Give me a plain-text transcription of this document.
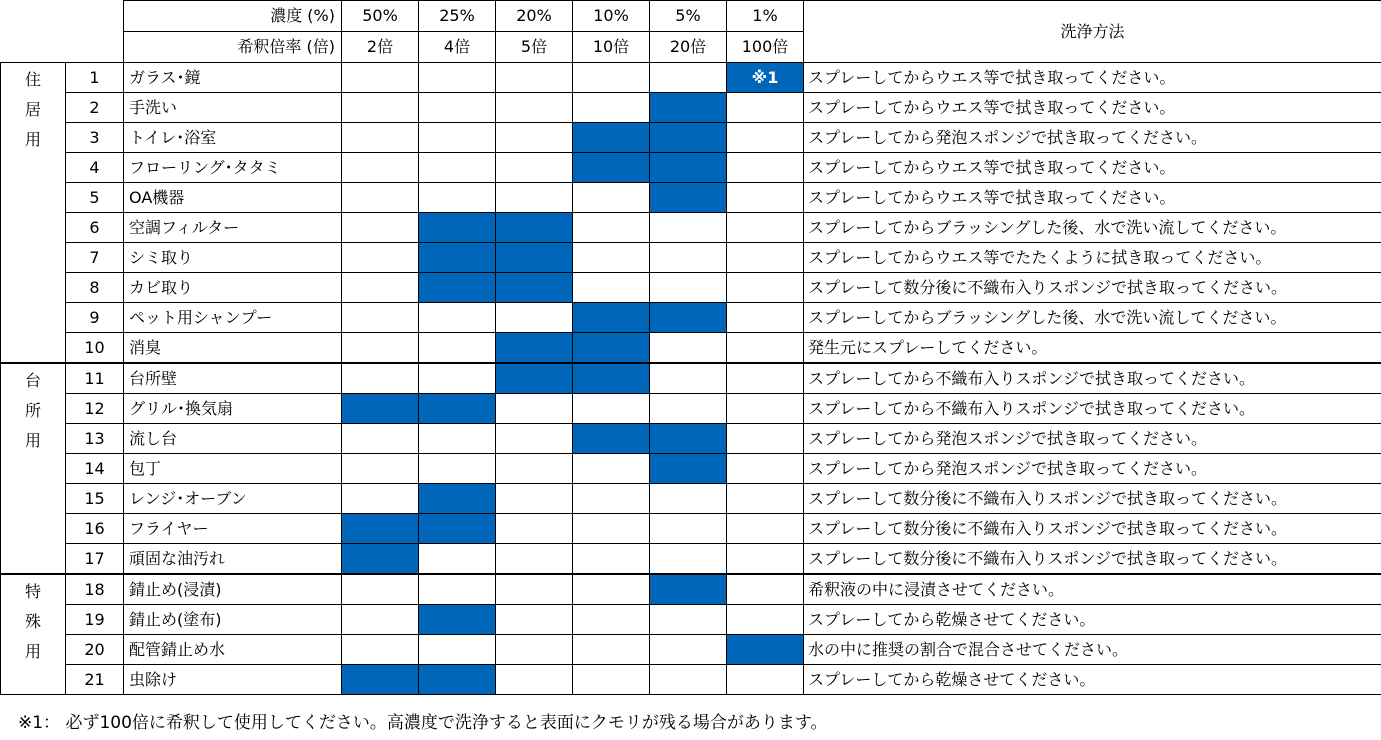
		濃度 (%)	50%	25%	20%	10%	5%	1%	洗浄方法
		希釈倍率 (倍)	2倍	4倍	5倍	10倍	20倍	100倍	

住
居
用	1	ガラス･鏡						※1	スプレーしてからウエス等で拭き取ってください。
	2	手洗い							スプレーしてからウエス等で拭き取ってください。
	3	トイレ･浴室							スプレーしてから発泡スポンジで拭き取ってください。
	4	フローリング･タタミ							スプレーしてからウエス等で拭き取ってください。
	5	OA機器							スプレーしてからウエス等で拭き取ってください。
	6	空調フィルター							スプレーしてからブラッシングした後、水で洗い流してください。
	7	シミ取り							スプレーしてからウエス等でたたくように拭き取ってください。
	8	カビ取り							スプレーして数分後に不織布入りスポンジで拭き取ってください。
	9	ペット用シャンプー							スプレーしてからブラッシングした後、水で洗い流してください。
	10	消臭							発生元にスプレーしてください。

台
所
用	11	台所壁							スプレーしてから不織布入りスポンジで拭き取ってください。
	12	グリル･換気扇							スプレーしてから不織布入りスポンジで拭き取ってください。
	13	流し台							スプレーしてから発泡スポンジで拭き取ってください。
	14	包丁							スプレーしてから発泡スポンジで拭き取ってください。
	15	レンジ･オーブン							スプレーして数分後に不織布入りスポンジで拭き取ってください。
	16	フライヤー							スプレーして数分後に不織布入りスポンジで拭き取ってください。
	17	頑固な油汚れ							スプレーして数分後に不織布入りスポンジで拭き取ってください。

特
殊
用	18	錆止め(浸漬)							希釈液の中に浸漬させてください。
	19	錆止め(塗布)							スプレーしてから乾燥させてください。
	20	配管錆止め水							水の中に推奨の割合で混合させてください。
	21	虫除け							スプレーしてから乾燥させてください。
※1： 必ず100倍に希釈して使用してください。高濃度で洗浄すると表面にクモリが残る場合があります。
